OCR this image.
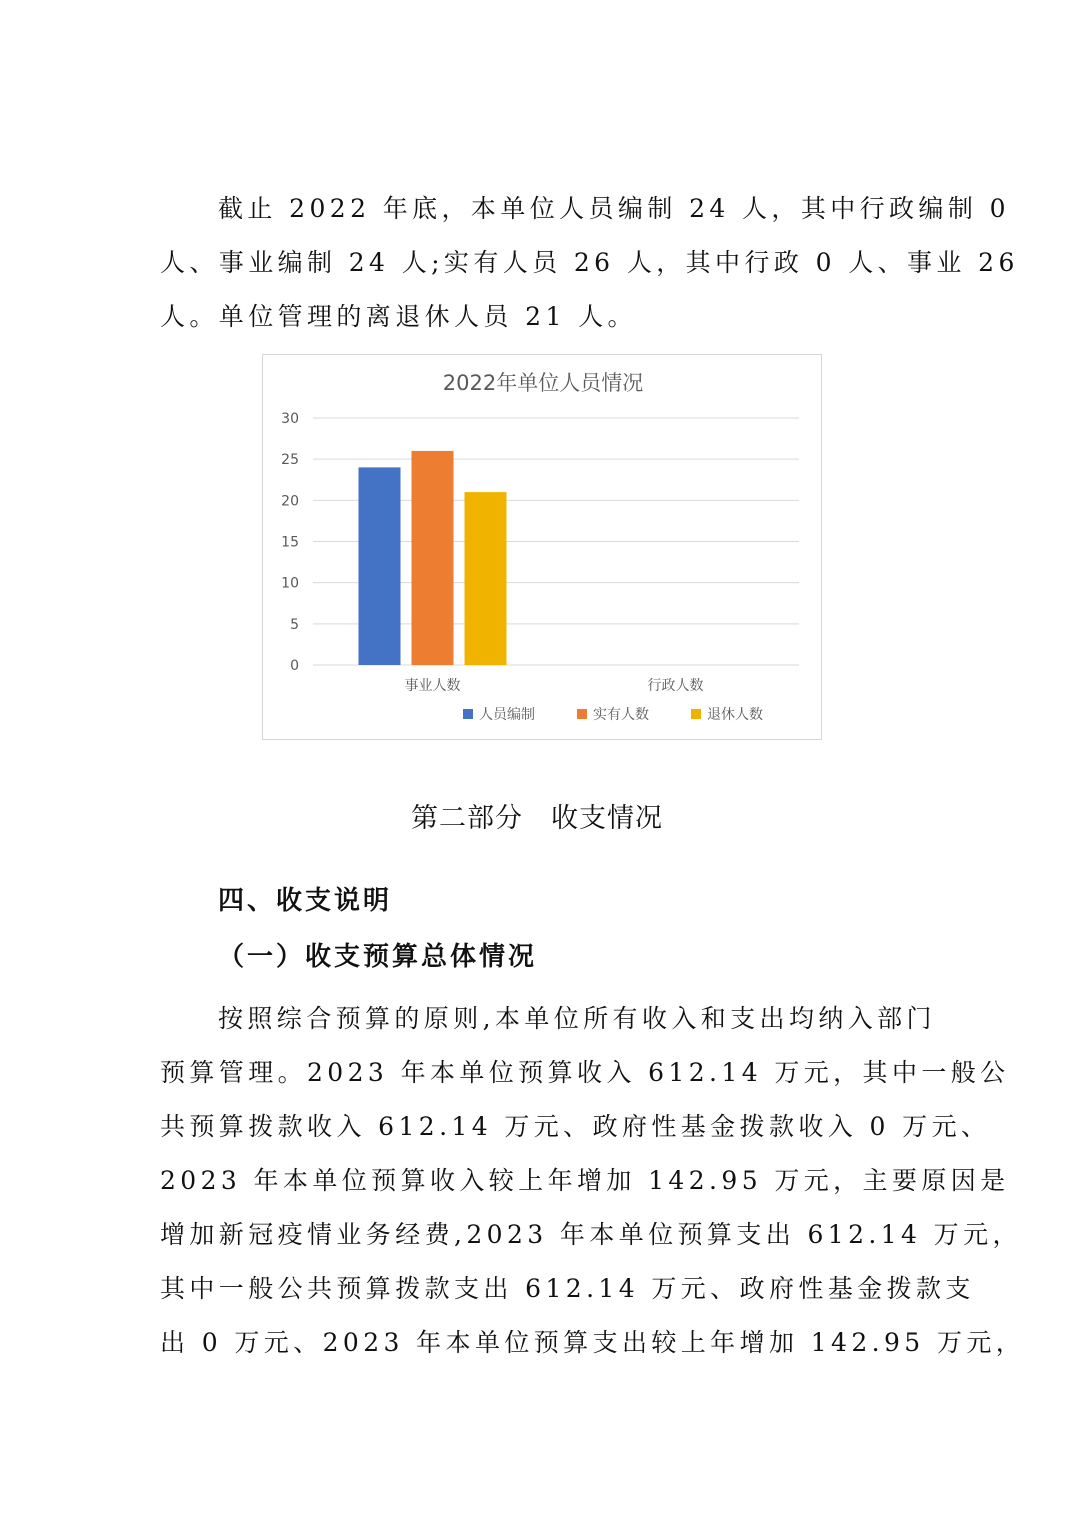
截止 2022 年底，本单位人员编制 24 人，其中行政编制 0
人、事业编制 24 人;实有人员 26 人，其中行政 0 人、事业 26
人。单位管理的离退休人员 21 人。
2022年单位人员情况
0
5
10
15
20
25
30
事业人数	行政人数
人员编制	实有人数	退休人数

第二部分　收支情况

四、收支说明

（一）收支预算总体情况

按照综合预算的原则,本单位所有收入和支出均纳入部门
预算管理。2023 年本单位预算收入 612.14 万元，其中一般公
共预算拨款收入 612.14 万元、政府性基金拨款收入 0 万元、
2023 年本单位预算收入较上年增加 142.95 万元，主要原因是
增加新冠疫情业务经费,2023 年本单位预算支出 612.14 万元，
其中一般公共预算拨款支出 612.14 万元、政府性基金拨款支
出 0 万元、2023 年本单位预算支出较上年增加 142.95 万元，
